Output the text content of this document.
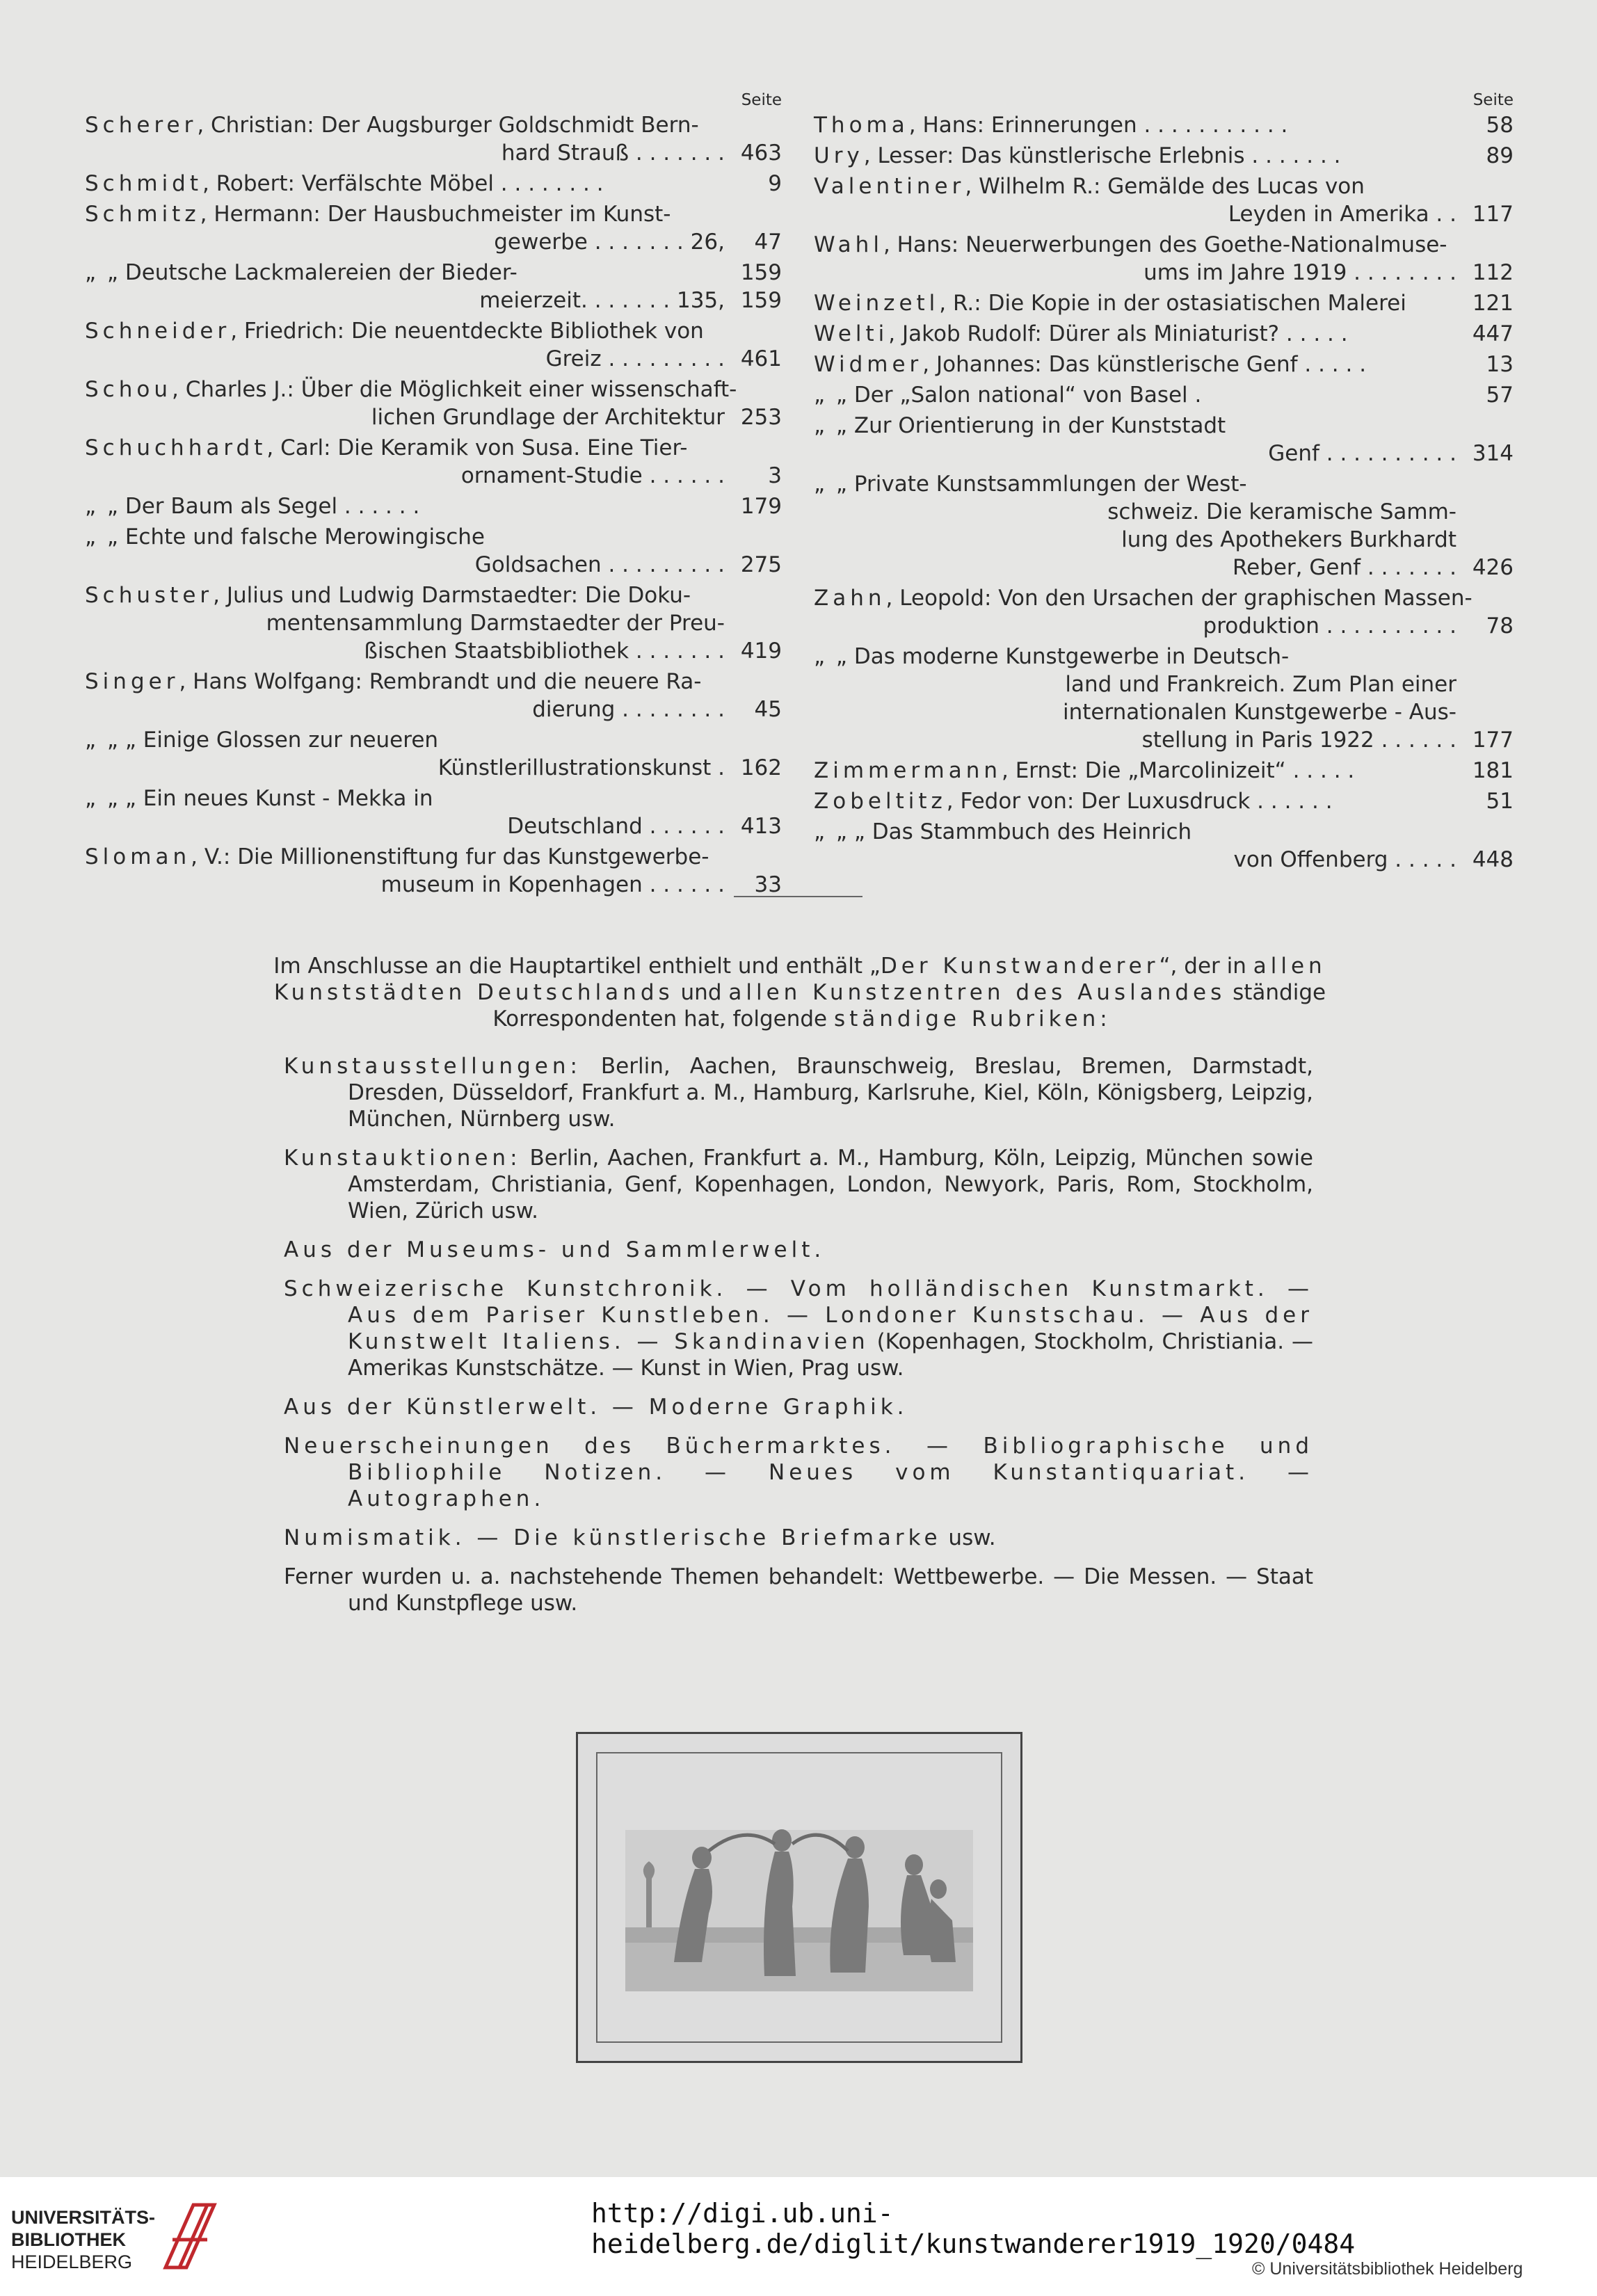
Seite
Scherer, Christian: Der Augsburger Goldschmidt Bern-
hard Strauß . . . . . . . 463
Schmidt, Robert: Verfälschte Möbel . . . . . . . .	9
Schmitz, Hermann: Der Hausbuchmeister im Kunst-
gewerbe . . . . . . . 26, 47
„ „ Deutsche Lackmalereien der Bieder-	159
meierzeit. . . . . . . 135, 159
Schneider, Friedrich: Die neuentdeckte Bibliothek von
Greiz . . . . . . . . . 461
Schou, Charles J.: Über die Möglichkeit einer wissenschaft-
lichen Grundlage der Architektur 253
Schuchhardt, Carl: Die Keramik von Susa. Eine Tier-
ornament-Studie . . . . . . 3
„ „ Der Baum als Segel . . . . . .	179
„ „ Echte und falsche Merowingische
Goldsachen . . . . . . . . . 275
Schuster, Julius und Ludwig Darmstaedter: Die Doku-
mentensammlung Darmstaedter der Preu-
ßischen Staatsbibliothek . . . . . . . 419
Singer, Hans Wolfgang: Rembrandt und die neuere Ra-
dierung . . . . . . . . 45
„ „ „ Einige Glossen zur neueren
Künstlerillustrationskunst . 162
„ „ „ Ein neues Kunst - Mekka in
Deutschland . . . . . . 413
Sloman, V.: Die Millionenstiftung fur das Kunstgewerbe-
museum in Kopenhagen . . . . . . 33
Seite
Thoma, Hans: Erinnerungen . . . . . . . . . . .	58
Ury, Lesser: Das künstlerische Erlebnis . . . . . . .	89
Valentiner, Wilhelm R.: Gemälde des Lucas von
Leyden in Amerika . . 117
Wahl, Hans: Neuerwerbungen des Goethe-Nationalmuse-
ums im Jahre 1919 . . . . . . . . 112
Weinzetl, R.: Die Kopie in der ostasiatischen Malerei	121
Welti, Jakob Rudolf: Dürer als Miniaturist? . . . . .	447
Widmer, Johannes: Das künstlerische Genf . . . . .	13
„ „ Der „Salon national“ von Basel .	57
„ „ Zur Orientierung in der Kunststadt
Genf . . . . . . . . . . 314
„ „ Private Kunstsammlungen der West-
schweiz. Die keramische Samm-
lung des Apothekers Burkhardt
Reber, Genf . . . . . . . 426
Zahn, Leopold: Von den Ursachen der graphischen Massen-
produktion . . . . . . . . . . 78
„ „ Das moderne Kunstgewerbe in Deutsch-
land und Frankreich. Zum Plan einer
internationalen Kunstgewerbe - Aus-
stellung in Paris 1922 . . . . . . 177
Zimmermann, Ernst: Die „Marcolinizeit“ . . . . .	181
Zobeltitz, Fedor von: Der Luxusdruck . . . . . .	51
„ „ „ Das Stammbuch des Heinrich
von Offenberg . . . . . 448
Im Anschlusse an die Hauptartikel enthielt und enthält „Der Kunstwanderer“, der in allen Kunststädten Deutschlands und allen Kunstzentren des Auslandes ständige Korrespondenten hat, folgende ständige Rubriken:
Kunstausstellungen: Berlin, Aachen, Braunschweig, Breslau, Bremen, Darmstadt, Dresden, Düsseldorf, Frankfurt a. M., Hamburg, Karlsruhe, Kiel, Köln, Königsberg, Leipzig, München, Nürnberg usw.
Kunstauktionen: Berlin, Aachen, Frankfurt a. M., Hamburg, Köln, Leipzig, München sowie Amsterdam, Christiania, Genf, Kopenhagen, London, Newyork, Paris, Rom, Stockholm, Wien, Zürich usw.
Aus der Museums- und Sammlerwelt.
Schweizerische Kunstchronik. — Vom holländischen Kunstmarkt. — Aus dem Pariser Kunstleben. — Londoner Kunstschau. — Aus der Kunstwelt Italiens. — Skandinavien (Kopenhagen, Stockholm, Christiania. — Amerikas Kunstschätze. — Kunst in Wien, Prag usw.
Aus der Künstlerwelt. — Moderne Graphik.
Neuerscheinungen des Büchermarktes. — Bibliographische und Bibliophile Notizen. — Neues vom Kunstantiquariat. — Autographen.
Numismatik. — Die künstlerische Briefmarke usw.
Ferner wurden u. a. nachstehende Themen behandelt: Wettbewerbe. — Die Messen. — Staat und Kunstpflege usw.
UNIVERSITÄTS-
BIBLIOTHEK
HEIDELBERG
http://digi.ub.uni-heidelberg.de/diglit/kunstwanderer1919_1920/0484
© Universitätsbibliothek Heidelberg
